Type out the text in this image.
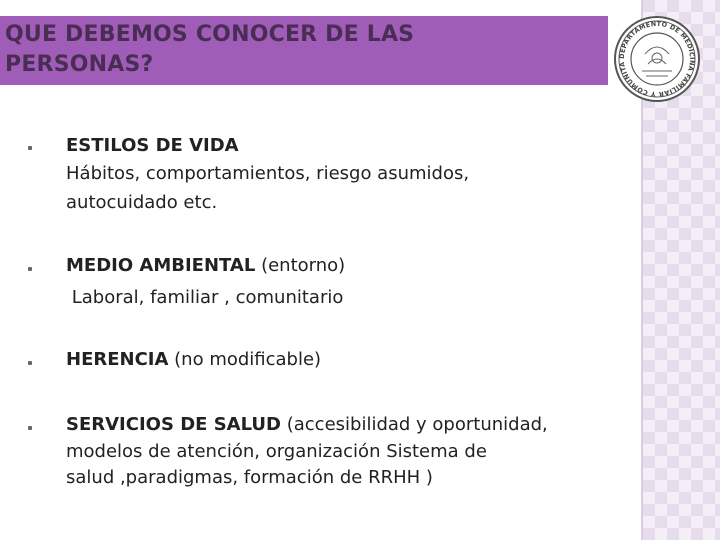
QUE DEBEMOS CONOCER DE LAS
PERSONAS?	DEPARTAMENTO DE MEDICINA FAMILIAR Y COMUNITA
ESTILOS DE VIDA
Hábitos, comportamientos, riesgo asumidos,
autocuidado etc.
MEDIO AMBIENTAL (entorno)
Laboral, familiar , comunitario
HERENCIA (no modificable)
SERVICIOS DE SALUD (accesibilidad y oportunidad,
modelos de atención, organización Sistema de
salud ,paradigmas, formación de RRHH )
